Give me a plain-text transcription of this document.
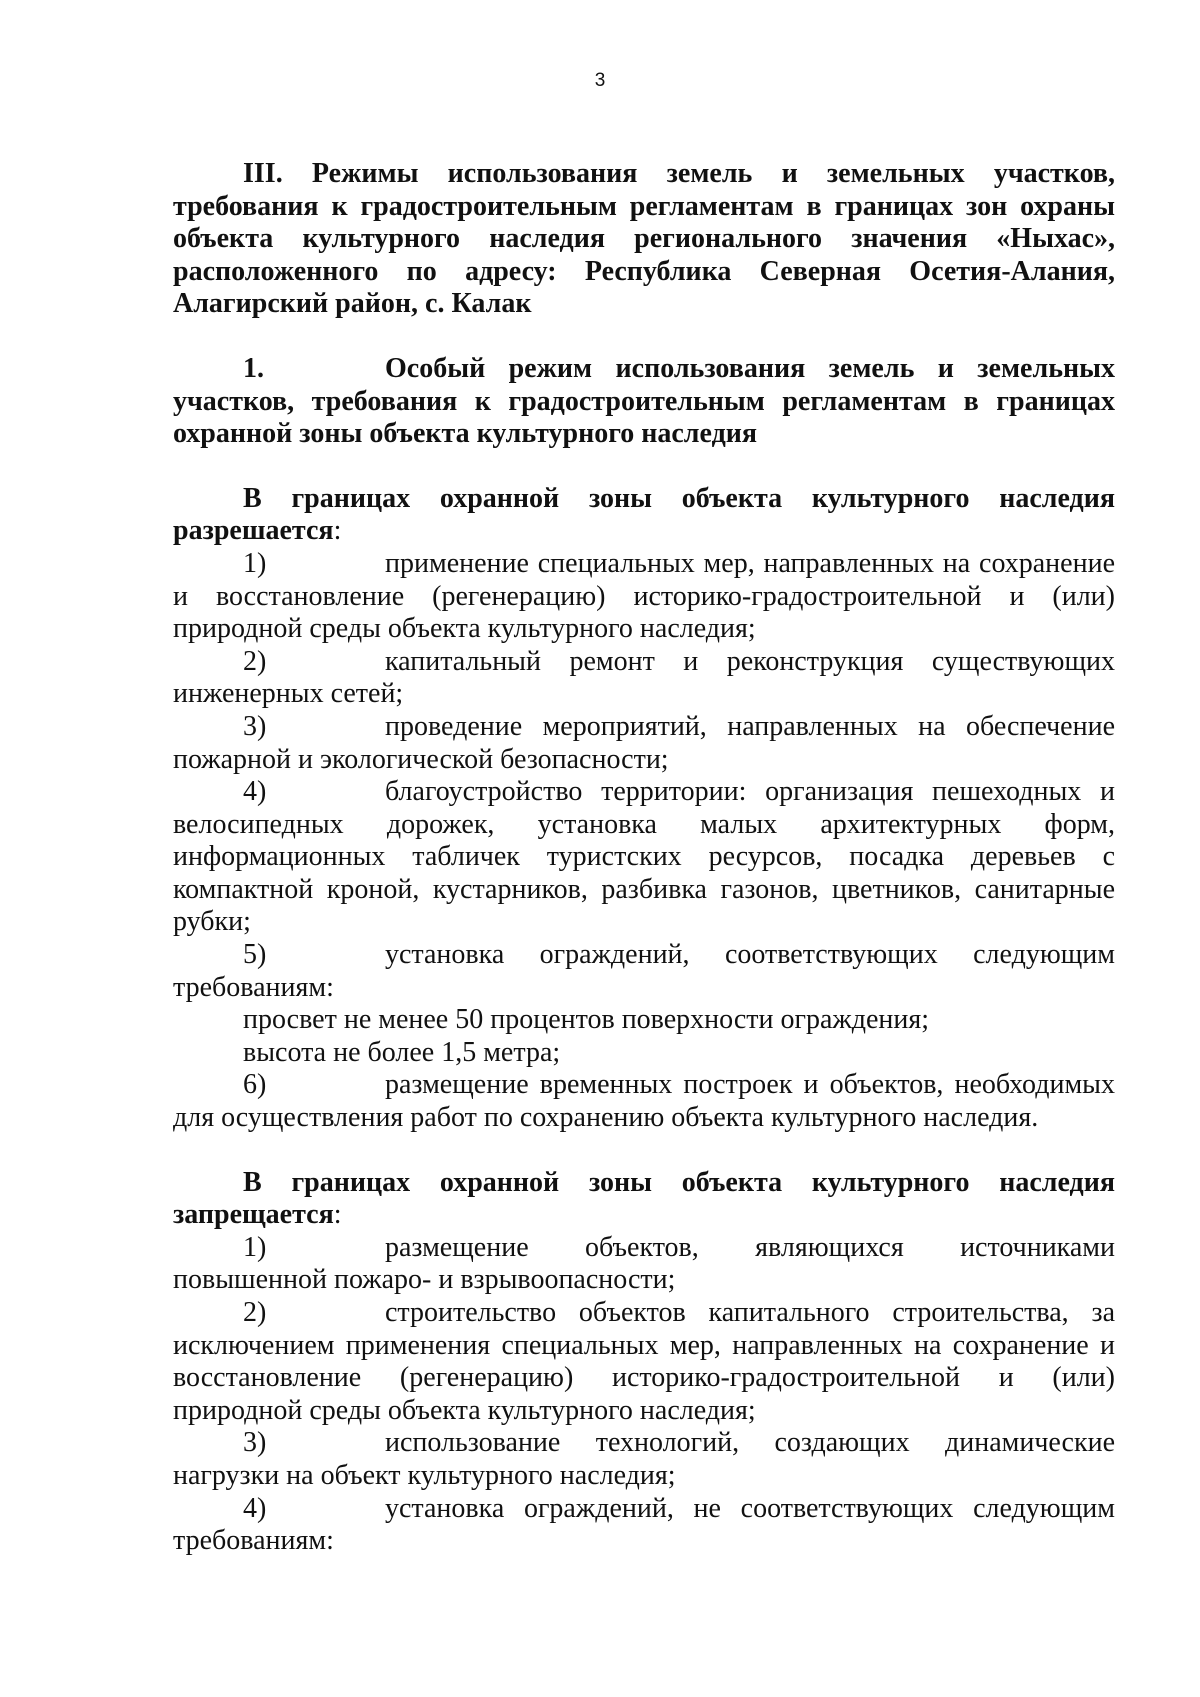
3

III. Режимы использования земель и земельных участков, требования к градостроительным регламентам в границах зон охраны объекта культурного наследия регионального значения «Ныхас», расположенного по адресу: Республика Северная Осетия-Алания, Алагирский район, с. Калак

1.	Особый режим использования земель и земельных участков, требования к градостроительным регламентам в границах охранной зоны объекта культурного наследия

В границах охранной зоны объекта культурного наследия разрешается:

1)	применение специальных мер, направленных на сохранение и восстановление (регенерацию) историко-градостроительной и (или) природной среды объекта культурного наследия;

2)	капитальный ремонт и реконструкция существующих инженерных сетей;

3)	проведение мероприятий, направленных на обеспечение пожарной и экологической безопасности;

4)	благоустройство территории: организация пешеходных и велосипедных дорожек, установка малых архитектурных форм, информационных табличек туристских ресурсов, посадка деревьев с компактной кроной, кустарников, разбивка газонов, цветников, санитарные рубки;

5)	установка ограждений, соответствующих следующим требованиям:

просвет не менее 50 процентов поверхности ограждения;

высота не более 1,5 метра;

6)	размещение временных построек и объектов, необходимых для осуществления работ по сохранению объекта культурного наследия.

В границах охранной зоны объекта культурного наследия запрещается:

1)	размещение объектов, являющихся источниками повышенной пожаро- и взрывоопасности;

2)	строительство объектов капитального строительства, за исключением применения специальных мер, направленных на сохранение и восстановление (регенерацию) историко-градостроительной и (или) природной среды объекта культурного наследия;

3)	использование технологий, создающих динамические нагрузки на объект культурного наследия;

4)	установка ограждений, не соответствующих следующим требованиям:
